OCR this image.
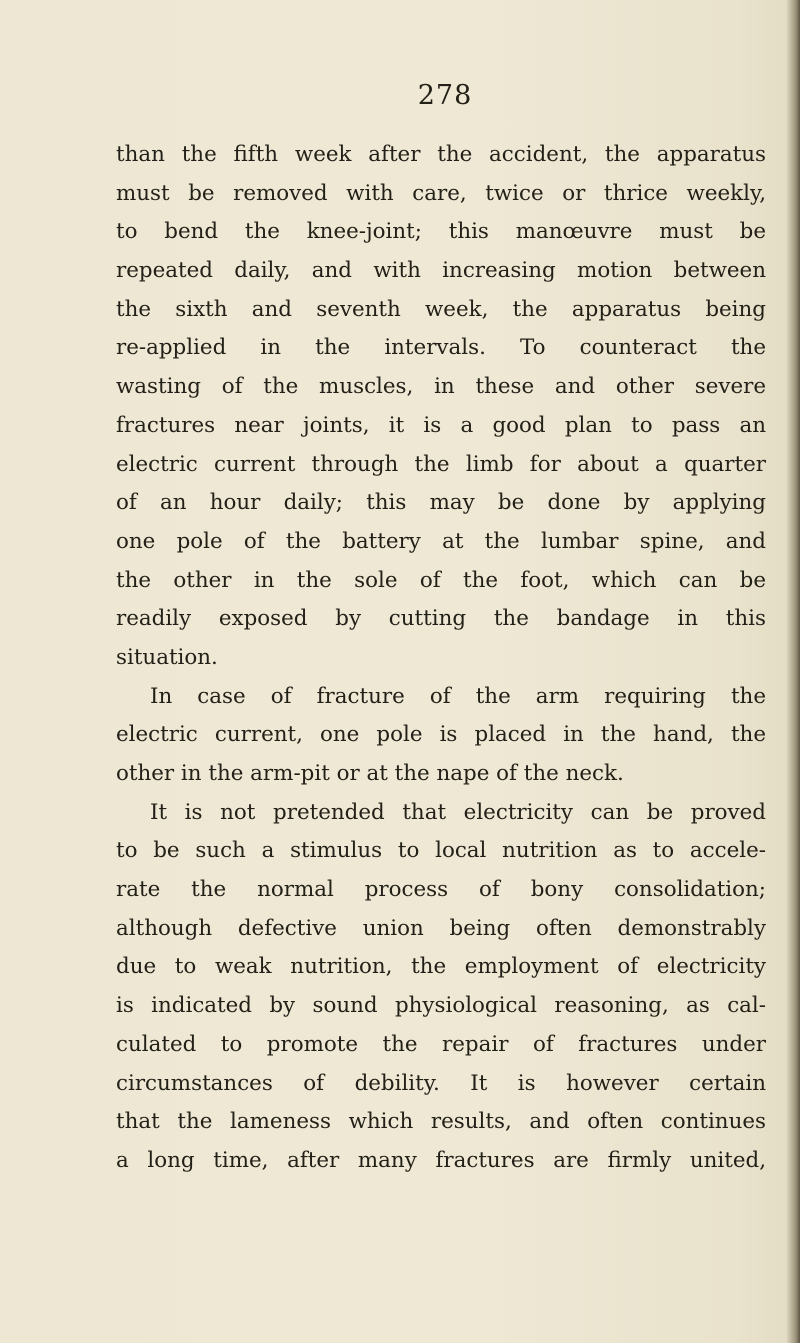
278
than the fifth week after the accident, the apparatus
must be removed with care, twice or thrice weekly,
to bend the knee-joint; this manœuvre must be
repeated daily, and with increasing motion between
the sixth and seventh week, the apparatus being
re-applied in the intervals. To counteract the
wasting of the muscles, in these and other severe
fractures near joints, it is a good plan to pass an
electric current through the limb for about a quarter
of an hour daily; this may be done by applying
one pole of the battery at the lumbar spine, and
the other in the sole of the foot, which can be
readily exposed by cutting the bandage in this
situation.
In case of fracture of the arm requiring the
electric current, one pole is placed in the hand, the
other in the arm-pit or at the nape of the neck.
It is not pretended that electricity can be proved
to be such a stimulus to local nutrition as to accele-
rate the normal process of bony consolidation;
although defective union being often demonstrably
due to weak nutrition, the employment of electricity
is indicated by sound physiological reasoning, as cal-
culated to promote the repair of fractures under
circumstances of debility. It is however certain
that the lameness which results, and often continues
a long time, after many fractures are firmly united,
